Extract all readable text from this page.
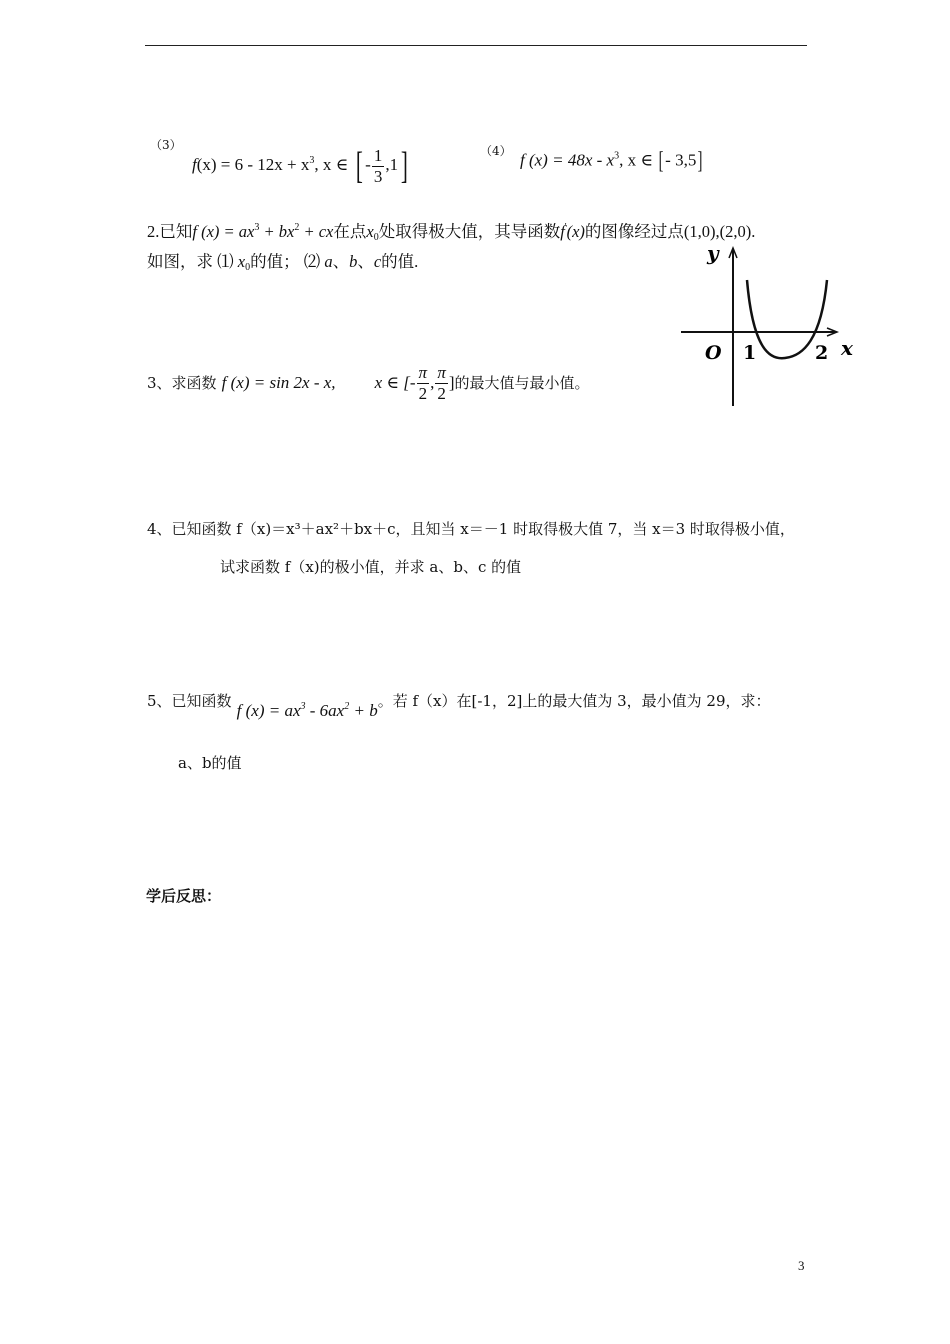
$^{(3)}$
$f(x) = 6 - 12x + x^3$, x ∈ [ - $\frac{1}{3} ,1$]	（4） f $(x) = 48x - x^3$, x ∈ [- 3,5]
2.已知f $(x) = ax^3 + bx^2$ + cx在点$x_0$处取得极大值，其导函数f'(x)的图像经过点(1,0),(2,0).
如图，求 ⑴ $x_0$的值； ⑵ a、b、c的值.	y
x
O 1	2
3、求函数 f (x) = sin 2x - x, x ∈ [- $\frac{\pi}{2}$ , $\frac{\pi}{2}$ ]的最大值与最小值。
4、已知函数 f（x)＝x³＋ax²＋bx＋c，且知当 x＝－1 时取得极大值 7，当 x＝3 时取得极小值，
试求函数 f（x)的极小值，并求 a、b、c 的值
5、已知函数 f $(x) = ax^3 - 6ax^2 + b$。若 f（x）在[-1，2]上的最大值为 3，最小值为 29，求：
a、b的值
学后反思：
3
